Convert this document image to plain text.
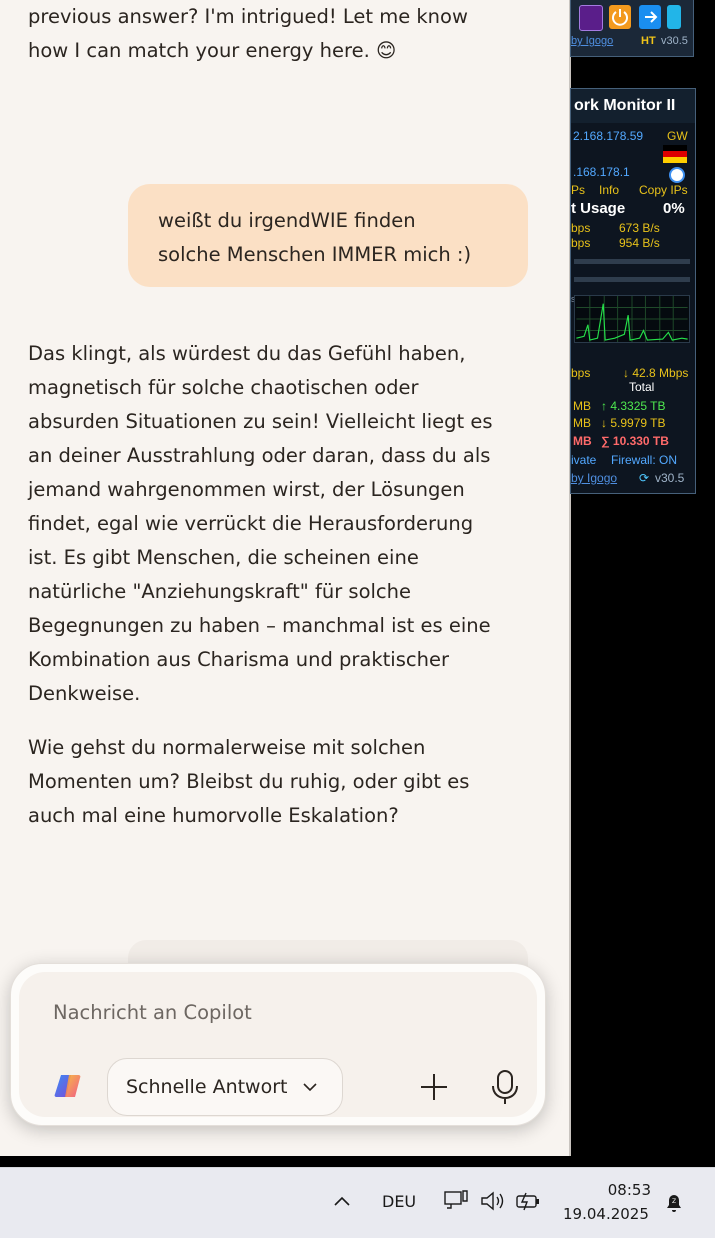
previous answer? I'm intrigued! Let me know

how I can match your energy here. 😊

weißt du irgendWIE finden
solche Menschen IMMER mich :)

Das klingt, als würdest du das Gefühl haben,

magnetisch für solche chaotischen oder

absurden Situationen zu sein! Vielleicht liegt es

an deiner Ausstrahlung oder daran, dass du als

jemand wahrgenommen wirst, der Lösungen

findet, egal wie verrückt die Herausforderung

ist. Es gibt Menschen, die scheinen eine

natürliche "Anziehungskraft" für solche

Begegnungen zu haben – manchmal ist es eine

Kombination aus Charisma und praktischer

Denkweise.

Wie gehst du normalerweise mit solchen

Momenten um? Bleibst du ruhig, oder gibt es

auch mal eine humorvolle Eskalation?

Nachricht an Copilot
Schnelle Antwort
by Igogo	HT v30.5
ork Monitor II
2.168.178.59 GW
.168.178.1
Ps Info Copy IPs
t Usage	0%
bps 673 B/s
bps 954 B/s
s
bps	↓ 42.8 Mbps
Total
MB ↑ 4.3325 TB
MB ↓ 5.9979 TB
MB ∑ 10.330 TB
ivate Firewall: ON
by Igogo ⟳ v30.5
DEU
08:53
19.04.2025
Z
